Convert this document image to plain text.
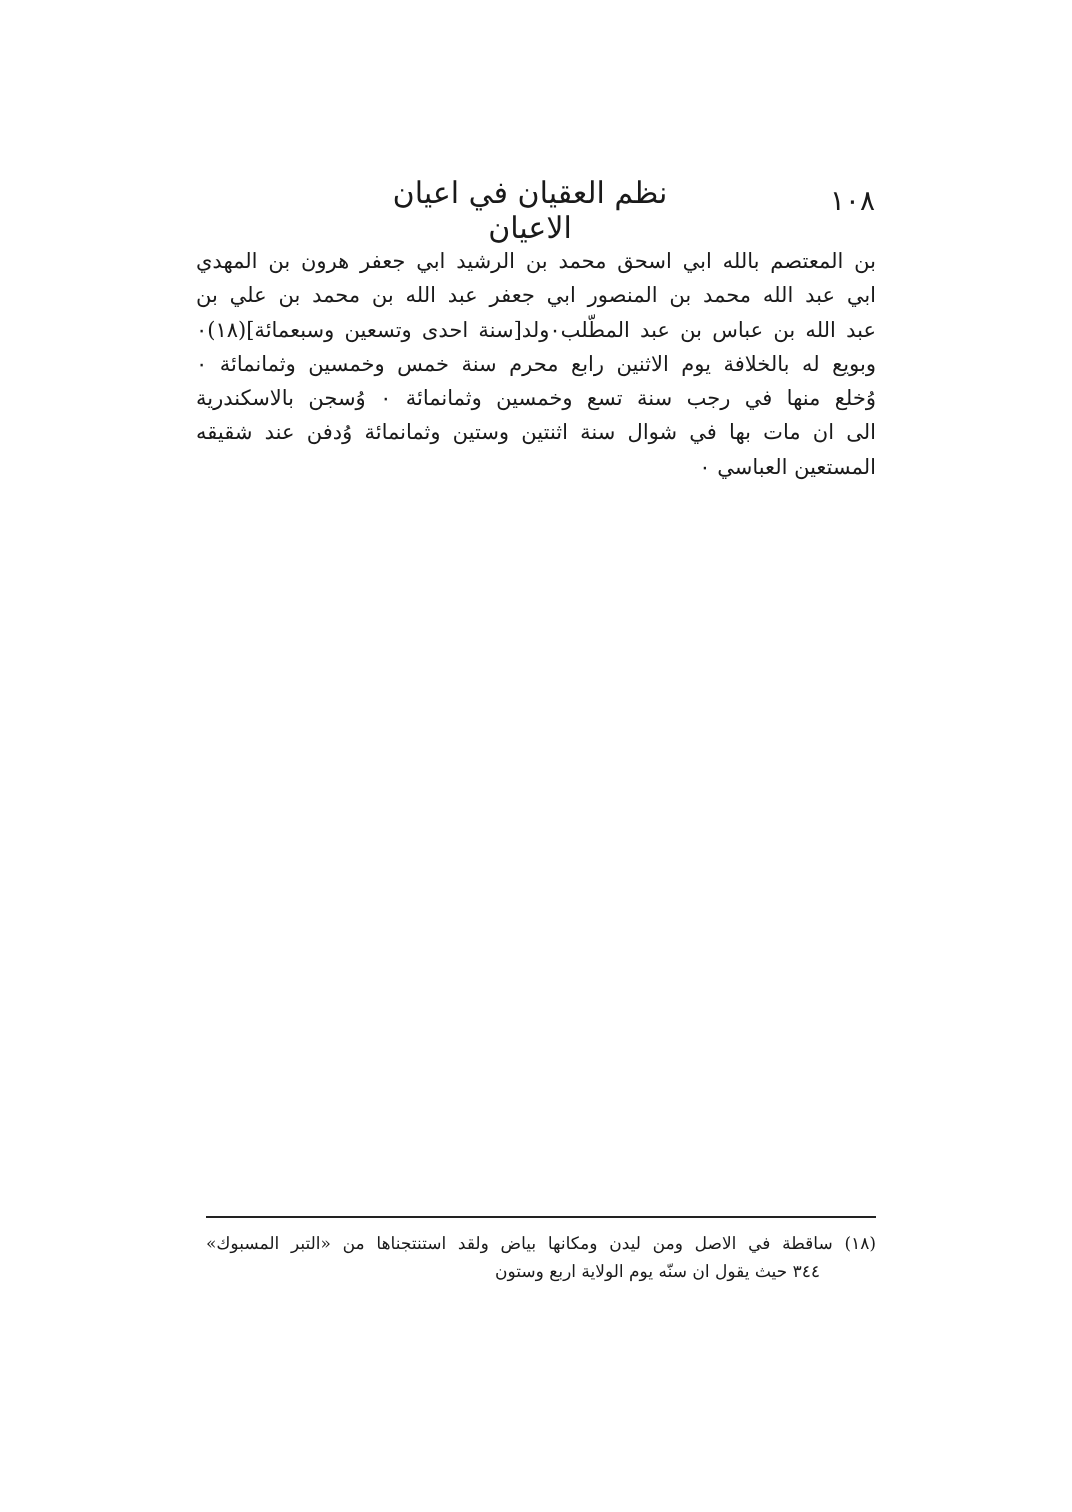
١٠٨
نظم العقيان في اعيان الاعيان
بن المعتصم بالله ابي اسحق محمد بن الرشيد ابي جعفر هرون بن المهدي
ابي عبد الله محمد بن المنصور ابي جعفر عبد الله بن محمد بن علي بن
عبد الله بن عباس بن عبد المطّلب٠ولد[سنة احدى وتسعين وسبعمائة](١٨)٠
وبويع له بالخلافة يوم الاثنين رابع محرم سنة خمس وخمسين وثمانمائة ٠
وُخلع منها في رجب سنة تسع وخمسين وثمانمائة ٠ وُسجن بالاسكندرية
الى ان مات بها في شوال سنة اثنتين وستين وثمانمائة وُدفن عند شقيقه
المستعين العباسي ٠
(١٨) ساقطة في الاصل ومن ليدن ومكانها بياض ولقد استنتجناها من «التبر المسبوك»
٣٤٤ حيث يقول ان سنّه يوم الولاية اربع وستون
